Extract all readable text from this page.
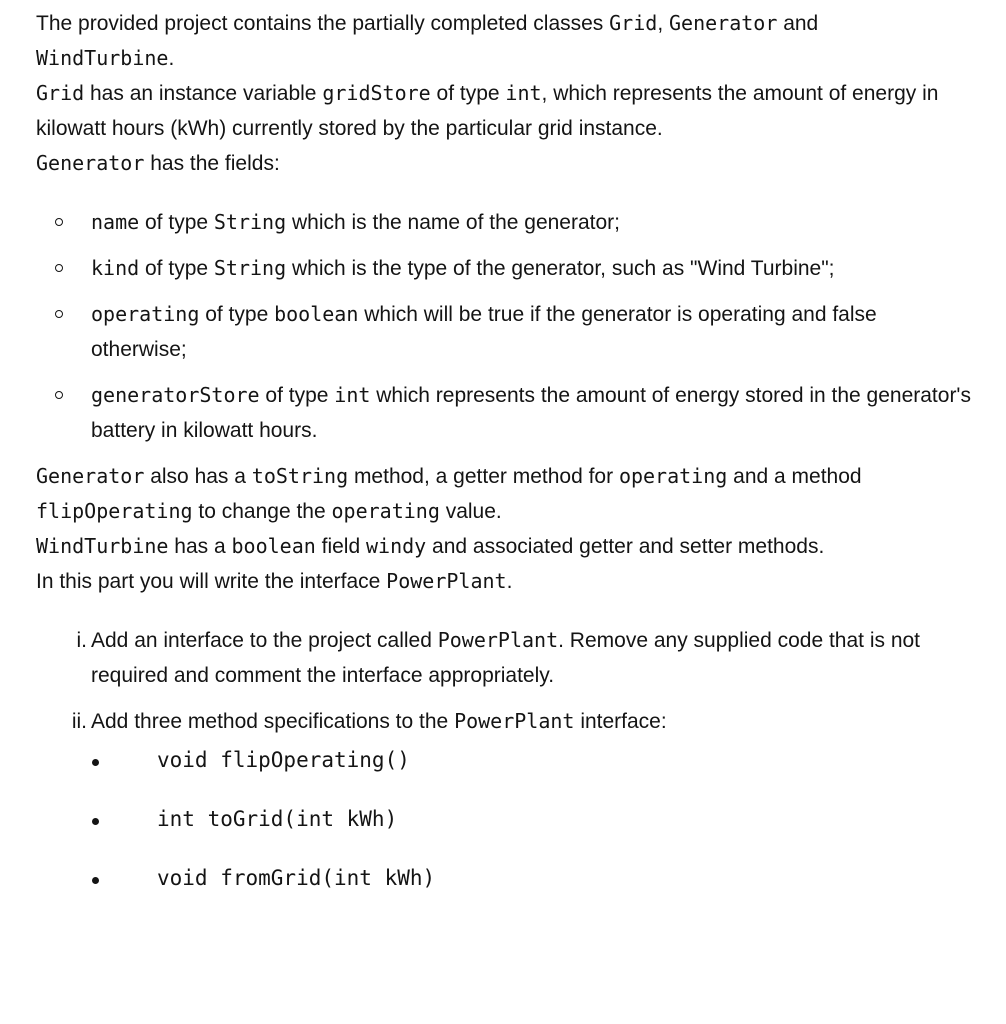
The provided project contains the partially completed classes Grid, Generator and
WindTurbine.

Grid has an instance variable gridStore of type int, which represents the amount of energy in kilowatt hours (kWh) currently stored by the particular grid instance.

Generator has the fields:

name of type String which is the name of the generator;
kind of type String which is the type of the generator, such as "Wind Turbine";
operating of type boolean which will be true if the generator is operating and false otherwise;
generatorStore of type int which represents the amount of energy stored in the generator's battery in kilowatt hours.

Generator also has a toString method, a getter method for operating and a method flipOperating to change the operating value.

WindTurbine has a boolean field windy and associated getter and setter methods.

In this part you will write the interface PowerPlant.

i. Add an interface to the project called PowerPlant. Remove any supplied code that is not required and comment the interface appropriately.
ii. Add three method specifications to the PowerPlant interface:
void flipOperating()
int toGrid(int kWh)
void fromGrid(int kWh)
